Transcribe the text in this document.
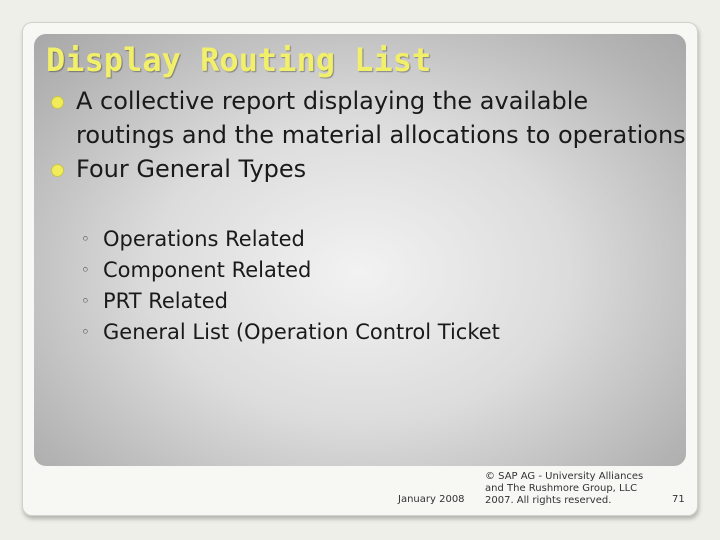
Display Routing List
A collective report displaying the available routings and the material allocations to operations
Four General Types
◦ Operations Related
◦ Component Related
◦ PRT Related
◦ General List (Operation Control Ticket
January 2008
© SAP AG - University Alliances
and The Rushmore Group, LLC
2007. All rights reserved.	71
